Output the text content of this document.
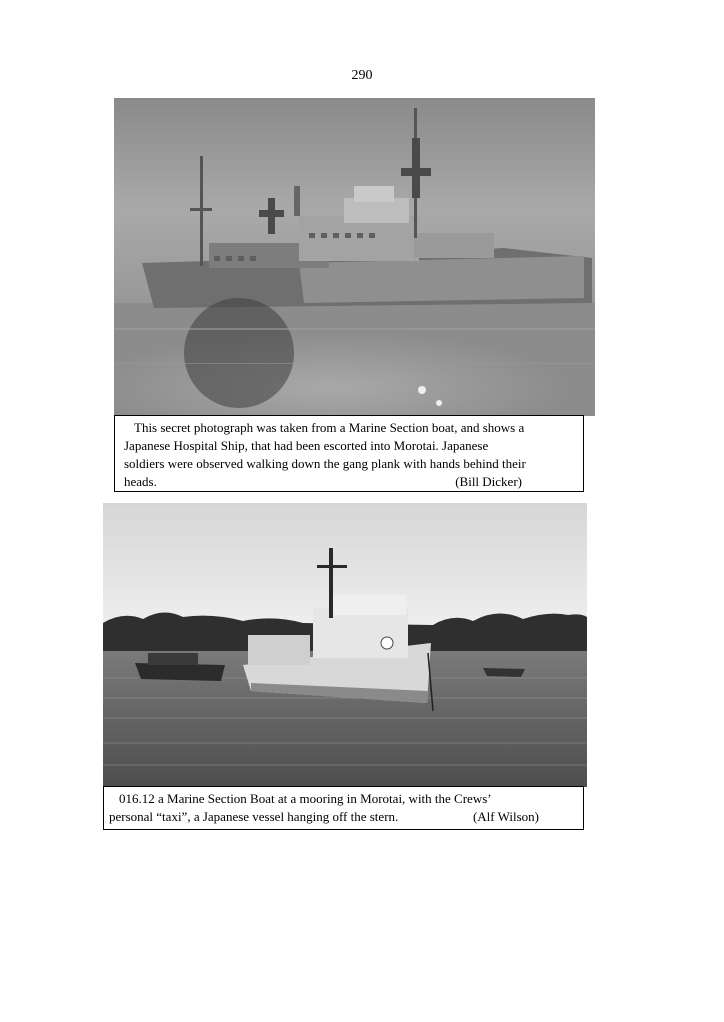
290
This secret photograph was taken from a Marine Section boat, and shows a
Japanese Hospital Ship, that had been escorted into Morotai. Japanese
soldiers were observed walking down the gang plank with hands behind their
heads.	(Bill Dicker)
016.12 a Marine Section Boat at a mooring in Morotai, with the Crews’
personal “taxi”, a Japanese vessel hanging off the stern.	(Alf Wilson)
